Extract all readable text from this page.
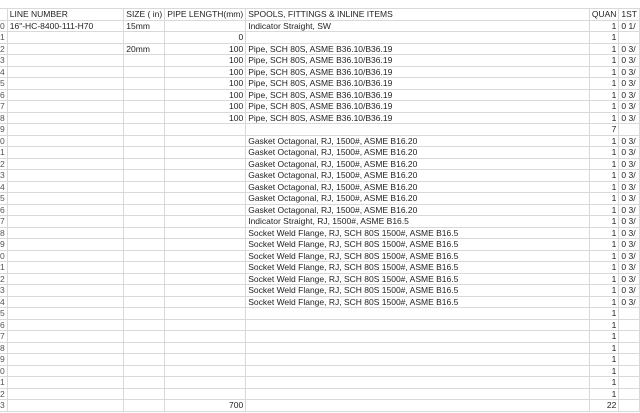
	LINE NUMBER	SIZE ( in)	PIPE LENGTH(mm)	SPOOLS, FITTINGS & INLINE ITEMS	QUAN	1ST
0	16"-HC-8400-111-H70	15mm		Indicator Straight, SW	1	0 1/
1			0		1	
2		20mm	100	Pipe, SCH 80S, ASME B36.10/B36.19	1	0 3/
3			100	Pipe, SCH 80S, ASME B36.10/B36.19	1	0 3/
4			100	Pipe, SCH 80S, ASME B36.10/B36.19	1	0 3/
5			100	Pipe, SCH 80S, ASME B36.10/B36.19	1	0 3/
6			100	Pipe, SCH 80S, ASME B36.10/B36.19	1	0 3/
7			100	Pipe, SCH 80S, ASME B36.10/B36.19	1	0 3/
8			100	Pipe, SCH 80S, ASME B36.10/B36.19	1	0 3/
9					7	
0				Gasket Octagonal, RJ, 1500#, ASME B16.20	1	0 3/
1				Gasket Octagonal, RJ, 1500#, ASME B16.20	1	0 3/
2				Gasket Octagonal, RJ, 1500#, ASME B16.20	1	0 3/
3				Gasket Octagonal, RJ, 1500#, ASME B16.20	1	0 3/
4				Gasket Octagonal, RJ, 1500#, ASME B16.20	1	0 3/
5				Gasket Octagonal, RJ, 1500#, ASME B16.20	1	0 3/
6				Gasket Octagonal, RJ, 1500#, ASME B16.20	1	0 3/
7				Indicator Straight, RJ, 1500#, ASME B16.5	1	0 3/
8				Socket Weld Flange, RJ, SCH 80S 1500#, ASME B16.5	1	0 3/
9				Socket Weld Flange, RJ, SCH 80S 1500#, ASME B16.5	1	0 3/
0				Socket Weld Flange, RJ, SCH 80S 1500#, ASME B16.5	1	0 3/
1				Socket Weld Flange, RJ, SCH 80S 1500#, ASME B16.5	1	0 3/
2				Socket Weld Flange, RJ, SCH 80S 1500#, ASME B16.5	1	0 3/
3				Socket Weld Flange, RJ, SCH 80S 1500#, ASME B16.5	1	0 3/
4				Socket Weld Flange, RJ, SCH 80S 1500#, ASME B16.5	1	0 3/
5					1	
6					1	
7					1	
8					1	
9					1	
0					1	
1					1	
2					1	
3			700		22	
